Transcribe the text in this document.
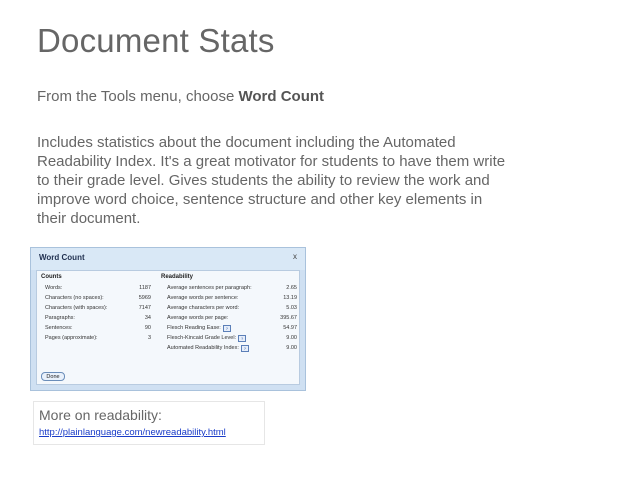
Document Stats
From the Tools menu, choose Word Count
Includes statistics about the document including the Automated Readability Index. It's a great motivator for students to have them write to their grade level. Gives students the ability to review the work and improve word choice, sentence structure and other key elements in their document.
Word Count	x
Counts	Readability
Words:	1187
Characters (no spaces):	5969
Characters (with spaces):	7147
Paragraphs:	34
Sentences:	90
Pages (approximate):	3
Average sentences per paragraph:	2.65
Average words per sentence:	13.19
Average characters per word:	5.03
Average words per page:	395.67
Flesch Reading Ease: ?	54.97
Flesch-Kincaid Grade Level: ?	9.00
Automated Readability Index: ?	9.00
Done
More on readability:
http://plainlanguage.com/newreadability.html
